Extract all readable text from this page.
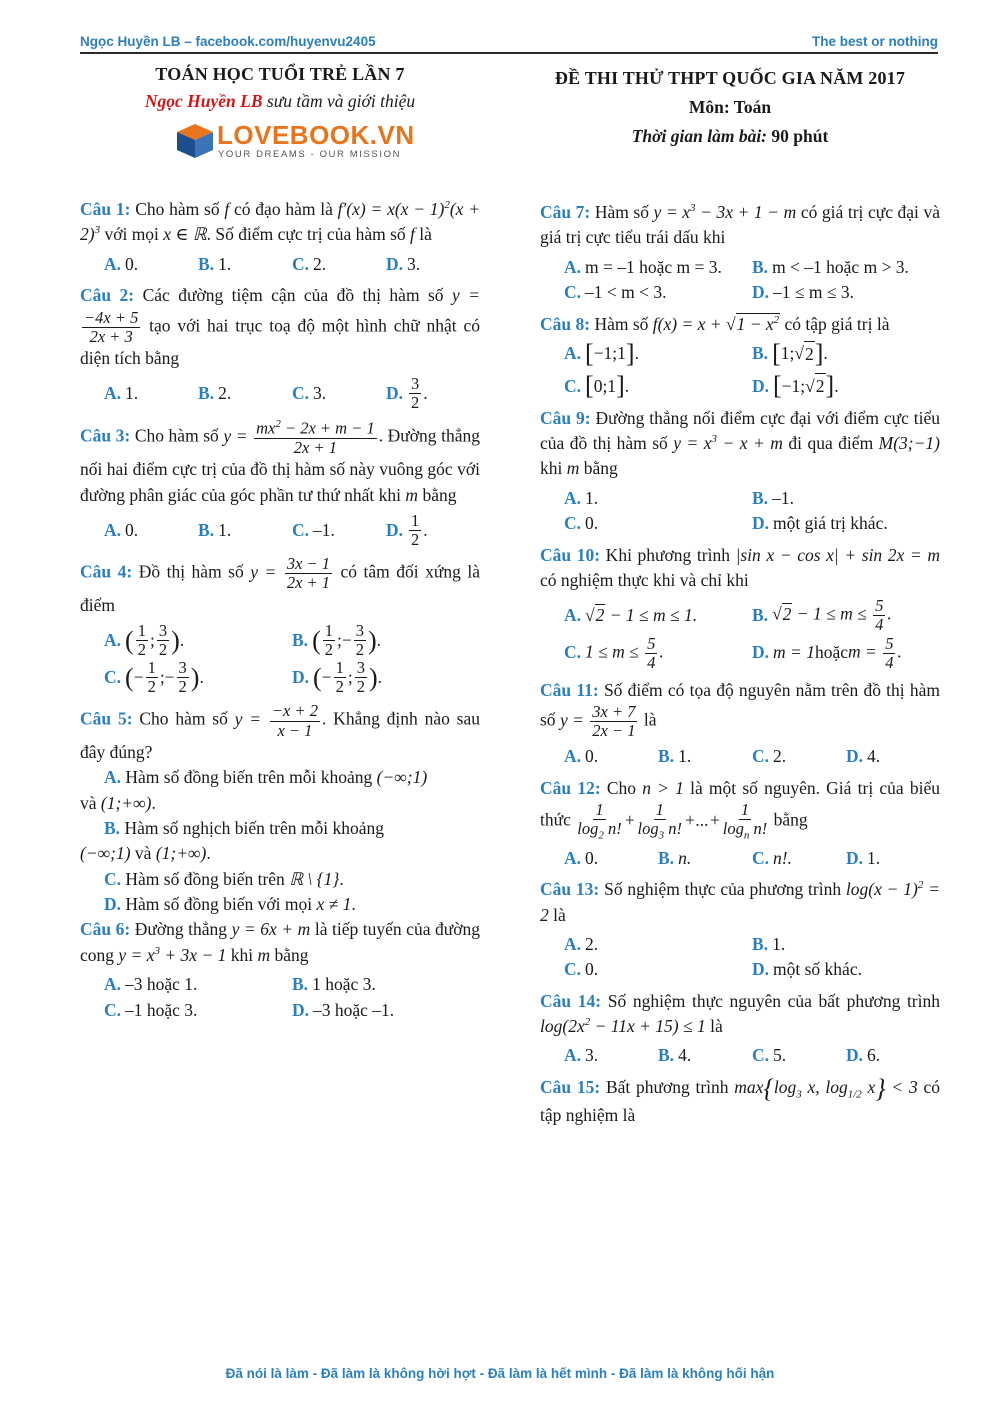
Ngọc Huyền LB – facebook.com/huyenvu2405	The best or nothing
TOÁN HỌC TUỔI TRẺ LẦN 7
Ngọc Huyền LB sưu tầm và giới thiệu
LOVEBOOK.VN
YOUR DREAMS - OUR MISSION
ĐỀ THI THỬ THPT QUỐC GIA NĂM 2017
Môn: Toán
Thời gian làm bài: 90 phút
Câu 1: Cho hàm số f có đạo hàm là $f'(x) = x(x - 1)^2(x + 2)^3$ với mọi x ∈ ℝ. Số điểm cực trị của hàm số f là
A. 0.	B. 1.	C. 2.	D. 3.
Câu 2: Các đường tiệm cận của đồ thị hàm số y =
$\frac{-4x + 5}{2x + 3}$ tạo với hai trục toạ độ một hình chữ nhật có diện tích bằng
A. 1.	B. 2.	C. 3.	D. $\frac{3}{2}$ .
Câu 3: Cho hàm số $y = \frac{mx^2 - 2x + m - 1}{2x + 1}$ . Đường thẳng nối hai điểm cực trị của đồ thị hàm số này vuông góc với đường phân giác của góc phần tư thứ nhất khi m bằng
A. 0.	B. 1.	C. –1.	D. $\frac{1}{2}$ .
Câu 4: Đồ thị hàm số $y = \frac{3x - 1}{2x + 1}$ có tâm đối xứng là điểm
A. ( $\frac{1}{2}$ ; $\frac{3}{2}$ ) .	B. ( $\frac{1}{2}$ ;− $\frac{3}{2}$ ) .
C. ( − $\frac{1}{2}$ ;− $\frac{3}{2}$ ) .	D. ( − $\frac{1}{2}$ ; $\frac{3}{2}$ ) .
Câu 5: Cho hàm số $y = \frac{-x + 2}{x - 1}$ . Khẳng định nào sau đây đúng?
A. Hàm số đồng biến trên mỗi khoảng (−∞;1)
và (1;+∞).
B. Hàm số nghịch biến trên mỗi khoảng
(−∞;1) và (1;+∞).
C. Hàm số đồng biến trên ℝ \ {1}.
D. Hàm số đồng biến với mọi x ≠ 1.
Câu 6: Đường thẳng y = 6x + m là tiếp tuyến của đường cong $y = x^3 + 3x - 1$ khi m bằng
A. –3 hoặc 1.	B. 1 hoặc 3.
C. –1 hoặc 3.	D. –3 hoặc –1.
Câu 7: Hàm số $y = x^3 - 3x + 1 - m$ có giá trị cực đại và giá trị cực tiểu trái dấu khi
A. m = –1 hoặc m = 3. B. m < –1 hoặc m > 3.
C. –1 < m < 3.	D. –1 ≤ m ≤ 3.
Câu 8: Hàm số $f(x) = x + √1 - x^2$ có tập giá trị là
A. [ −1;1 ] .	B. [ 1;√ 2 ] .
C. [ 0;1 ] .	D. [ −1;√ 2 ] .
Câu 9: Đường thẳng nối điểm cực đại với điểm cực tiểu của đồ thị hàm số $y = x^3 - x + m$ đi qua điểm M(3;−1) khi m bằng
A. 1.	B. –1.
C. 0.	D. một giá trị khác.
Câu 10: Khi phương trình |sin x − cos x| + sin 2x = m có nghiệm thực khi và chỉ khi
A. √2 − 1 ≤ m ≤ 1.	B. $√2 - 1 \le m \le \frac{5}{4}$ .
C. $1 \le m \le \frac{5}{4}$ .	D. m = 1 hoặc $m = \frac{5}{4}$ .
Câu 11: Số điểm có tọa độ nguyên nằm trên đồ thị hàm số $y = \frac{3x + 7}{2x - 1}$ là
A. 0.	B. 1.	C. 2.	D. 4.
Câu 12: Cho n > 1 là một số nguyên. Giá trị của biểu thức $\frac{1}{\log_2 n!} + \frac{1}{\log_3 n!}$ +...+ $\frac{1}{\log_n n!}$ bằng
A. 0.	B. n.	C. n!.	D. 1.
Câu 13: Số nghiệm thực của phương trình $\log(x - 1)^2 = 2$ là
A. 2.	B. 1.
C. 0.	D. một số khác.
Câu 14: Số nghiệm thực nguyên của bất phương trình $\log(2x^2 - 11x + 15) \le 1$ là
A. 3.	B. 4.	C. 5.	D. 6.
Câu 15: Bất phương trình $\max\{\log_3$ x, $\log_{1/2} x\} < 3$ có tập nghiệm là
Đã nói là làm - Đã làm là không hời hợt - Đã làm là hết mình - Đã làm là không hối hận
